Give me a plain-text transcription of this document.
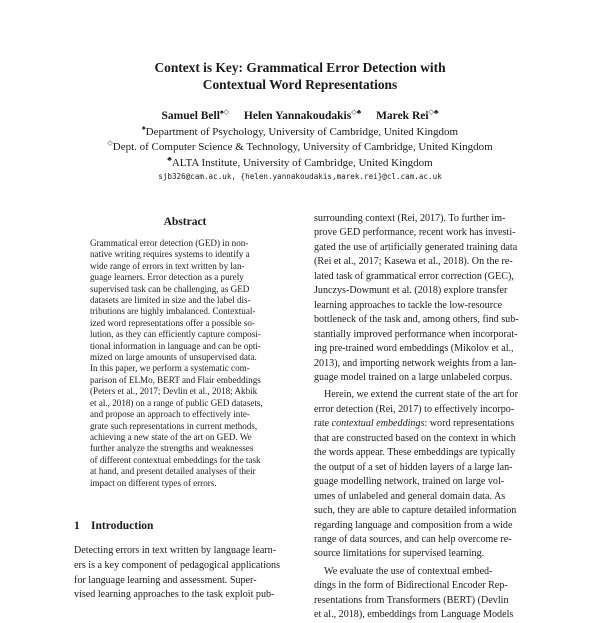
Context is Key: Grammatical Error Detection with
Contextual Word Representations
Samuel Bell♠◇ Helen Yannakoudakis◇♣ Marek Rei◇♣
♠Department of Psychology, University of Cambridge, United Kingdom
◇Dept. of Computer Science & Technology, University of Cambridge, United Kingdom
♣ALTA Institute, University of Cambridge, United Kingdom
sjb326@cam.ac.uk, {helen.yannakoudakis,marek.rei}@cl.cam.ac.uk
Abstract
Grammatical error detection (GED) in non-
native writing requires systems to identify a
wide range of errors in text written by lan-
guage learners. Error detection as a purely
supervised task can be challenging, as GED
datasets are limited in size and the label dis-
tributions are highly imbalanced. Contextual-
ized word representations offer a possible so-
lution, as they can efficiently capture composi-
tional information in language and can be opti-
mized on large amounts of unsupervised data.
In this paper, we perform a systematic com-
parison of ELMo, BERT and Flair embeddings
(Peters et al., 2017; Devlin et al., 2018; Akbik
et al., 2018) on a range of public GED datasets,
and propose an approach to effectively inte-
grate such representations in current methods,
achieving a new state of the art on GED. We
further analyze the strengths and weaknesses
of different contextual embeddings for the task
at hand, and present detailed analyses of their
impact on different types of errors.
1 Introduction
Detecting errors in text written by language learn-
ers is a key component of pedagogical applications
for language learning and assessment. Super-
vised learning approaches to the task exploit pub-
surrounding context (Rei, 2017). To further im-
prove GED performance, recent work has investi-
gated the use of artificially generated training data
(Rei et al., 2017; Kasewa et al., 2018). On the re-
lated task of grammatical error correction (GEC),
Junczys-Dowmunt et al. (2018) explore transfer
learning approaches to tackle the low-resource
bottleneck of the task and, among others, find sub-
stantially improved performance when incorporat-
ing pre-trained word embeddings (Mikolov et al.,
2013), and importing network weights from a lan-
guage model trained on a large unlabeled corpus.
Herein, we extend the current state of the art for
error detection (Rei, 2017) to effectively incorpo-
rate contextual embeddings: word representations
that are constructed based on the context in which
the words appear. These embeddings are typically
the output of a set of hidden layers of a large lan-
guage modelling network, trained on large vol-
umes of unlabeled and general domain data. As
such, they are able to capture detailed information
regarding language and composition from a wide
range of data sources, and can help overcome re-
source limitations for supervised learning.
We evaluate the use of contextual embed-
dings in the form of Bidirectional Encoder Rep-
resentations from Transformers (BERT) (Devlin
et al., 2018), embeddings from Language Models
